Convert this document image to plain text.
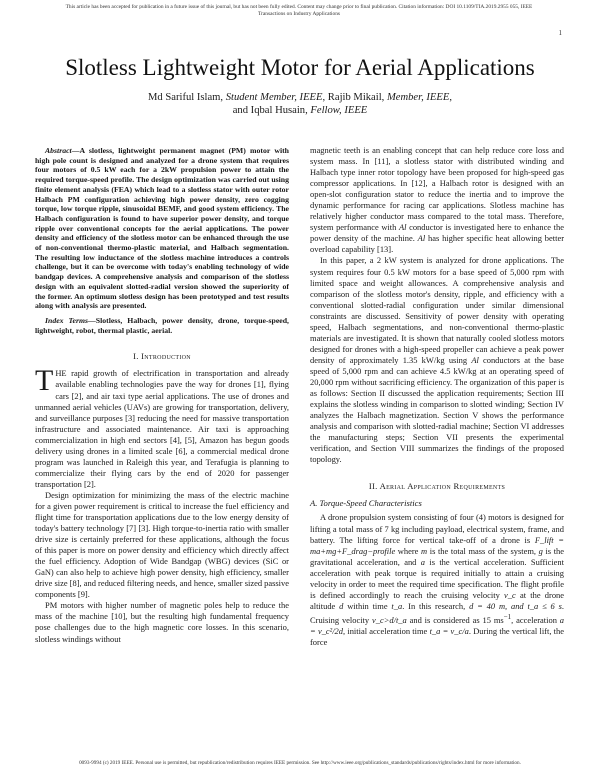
This article has been accepted for publication in a future issue of this journal, but has not been fully edited. Content may change prior to final publication. Citation information: DOI 10.1109/TIA.2019.2955 055, IEEE
Transactions on Industry Applications
1
Slotless Lightweight Motor for Aerial Applications
Md Sariful Islam, Student Member, IEEE, Rajib Mikail, Member, IEEE,
and Iqbal Husain, Fellow, IEEE

Abstract—A slotless, lightweight permanent magnet (PM) motor with high pole count is designed and analyzed for a drone system that requires four motors of 0.5 kW each for a 2kW propulsion power to attain the required torque-speed profile. The design optimization was carried out using finite element analysis (FEA) which lead to a slotless stator with outer rotor Halbach PM configuration achieving high power density, zero cogging torque, low torque ripple, sinusoidal BEMF, and good system efficiency. The Halbach configuration is found to have superior power density, and torque ripple over conventional concepts for the aerial applications. The power density and efficiency of the slotless motor can be enhanced through the use of non-conventional thermo-plastic material, and Halbach segmentation. The resulting low inductance of the slotless machine introduces a controls challenge, but it can be overcome with today's enabling technology of wide bandgap devices. A comprehensive analysis and comparison of the slotless design with an equivalent slotted-radial version showed the superiority of the former. An optimum slotless design has been prototyped and test results along with analysis are presented.

Index Terms—Slotless, Halbach, power density, drone, torque-speed, lightweight, robot, thermal plastic, aerial.

I. Introduction

THE rapid growth of electrification in transportation and already available enabling technologies pave the way for drones [1], flying cars [2], and air taxi type aerial applications. The use of drones and unmanned aerial vehicles (UAVs) are growing for transportation, delivery, and surveillance purposes [3] reducing the need for massive transportation infrastructure and associated maintenance. Air taxi is approaching commercialization in high end sectors [4], [5], Amazon has begun goods delivery using drones in a limited scale [6], a commercial medical drone program was launched in Raleigh this year, and Terafugia is planning to commercialize their flying cars by the end of 2020 for passenger transportation [2].

Design optimization for minimizing the mass of the electric machine for a given power requirement is critical to increase the fuel efficiency and flight time for transportation applications due to the low energy density of today's battery technology [7] [3]. High torque-to-inertia ratio with smaller drive size is certainly preferred for these applications, although the focus of this paper is more on power density and efficiency which directly affect the fuel efficiency. Adoption of Wide Bandgap (WBG) devices (SiC or GaN) can also help to achieve high power density, high efficiency, smaller drive size [8], and reduced filtering needs, and hence, smaller sized passive components [9].

PM motors with higher number of magnetic poles help to reduce the mass of the machine [10], but the resulting high fundamental frequency pose challenges due to the high magnetic core losses. In this scenario, slotless windings without

magnetic teeth is an enabling concept that can help reduce core loss and system mass. In [11], a slotless stator with distributed winding and Halbach type inner rotor topology have been proposed for high-speed gas compressor applications. In [12], a Halbach rotor is designed with an open-slot configuration stator to reduce the inertia and to improve the dynamic performance for racing car applications. Slotless machine has relatively higher conductor mass compared to the total mass. Therefore, system performance with Al conductor is investigated here to enhance the power density of the machine. Al has higher specific heat allowing better overload capability [13].

In this paper, a 2 kW system is analyzed for drone applications. The system requires four 0.5 kW motors for a base speed of 5,000 rpm with limited space and weight allowances. A comprehensive analysis and comparison of the slotless motor's density, ripple, and efficiency with a conventional slotted-radial configuration under similar dimensional constraints are discussed. Sensitivity of power density with operating speed, Halbach segmentations, and non-conventional thermo-plastic materials are investigated. It is shown that naturally cooled slotless motors designed for drones with a high-speed propeller can achieve a peak power density of approximately 1.35 kW/kg using Al conductors at the base speed of 5,000 rpm and can achieve 4.5 kW/kg at an operating speed of 20,000 rpm without sacrificing efficiency. The organization of this paper is as follows: Section II discussed the application requirements; Section III explains the slotless winding in comparison to slotted winding; Section IV analyzes the Halbach magnetization. Section V shows the performance analysis and comparison with slotted-radial machine; Section VI addresses the manufacturing steps; Section VII presents the experimental verification, and Section VIII summarizes the findings of the proposed topology.

II. Aerial Application Requirements
A. Torque-Speed Characteristics

A drone propulsion system consisting of four (4) motors is designed for lifting a total mass of 7 kg including payload, electrical system, frame, and battery. The lifting force for vertical take-off of a drone is F_lift = ma+mg+F_drag−profile where m is the total mass of the system, g is the gravitational acceleration, and a is the vertical acceleration. Sufficient acceleration with peak torque is required initially to attain a cruising velocity in order to meet the required time specification. The flight profile is defined accordingly to reach the cruising velocity v_c at the drone altitude d within time t_a. In this research, d = 40 m, and t_a ≤ 6 s. Cruising velocity v_c>d/t_a and is considered as 15 $ms^{-1}$, acceleration a = v_c²/2d, initial acceleration time t_a = v_c/a. During the vertical lift, the force

0093-9994 (c) 2019 IEEE. Personal use is permitted, but republication/redistribution requires IEEE permission. See http://www.ieee.org/publications_standards/publications/rights/index.html for more information.
